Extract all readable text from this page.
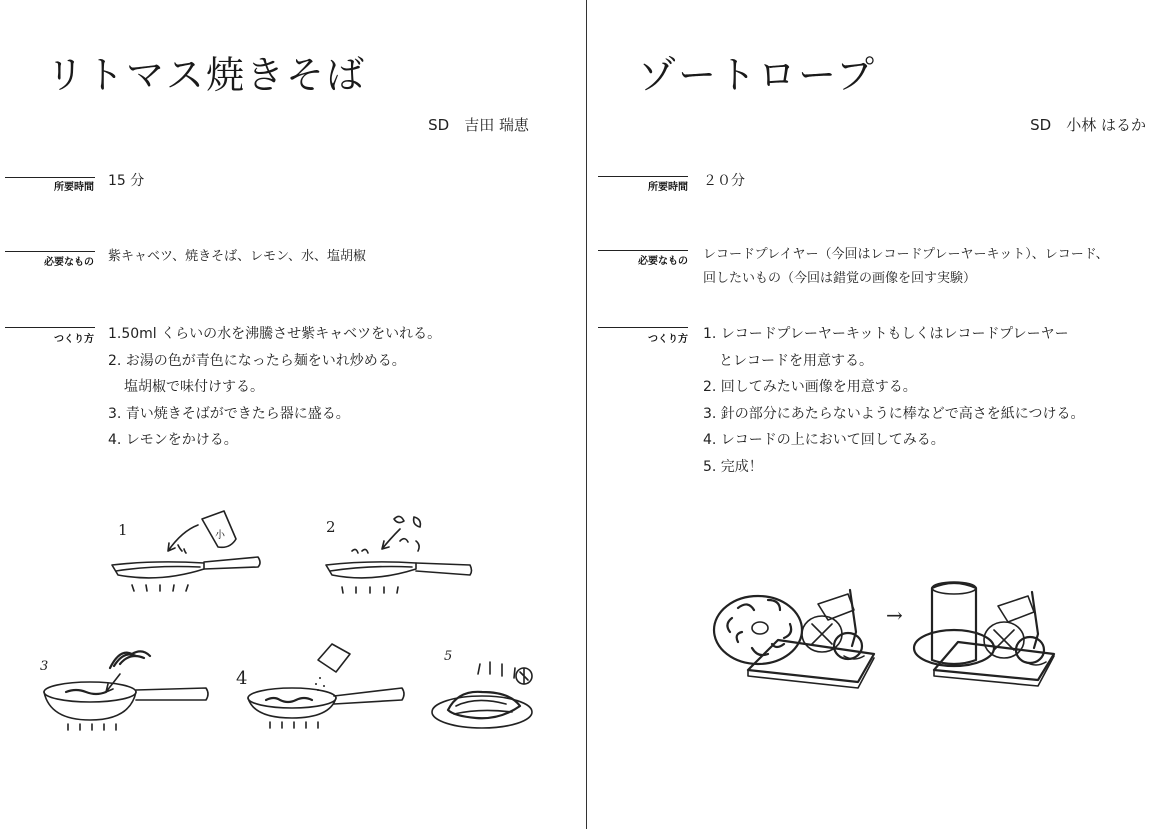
リトマス焼きそば
SD　吉田 瑞恵
所要時間 15 分
必要なもの 紫キャベツ、焼きそば、レモン、水、塩胡椒
つくり方 1.50ml くらいの水を沸騰させ紫キャベツをいれる。
2. お湯の色が青色になったら麺をいれ炒める。
塩胡椒で味付けする。
3. 青い焼きそばができたら器に盛る。
4. レモンをかける。
1	小	2
3
4
5
ゾートロープ
SD　小林 はるか
所要時間 ２０分
必要なもの レコードプレイヤー（今回はレコードプレーヤーキット）、レコード、
回したいもの（今回は錯覚の画像を回す実験）
つくり方 1. レコードプレーヤーキットもしくはレコードプレーヤー
とレコードを用意する。
2. 回してみたい画像を用意する。
3. 針の部分にあたらないように棒などで高さを紙につける。
4. レコードの上において回してみる。
5. 完成！
→
